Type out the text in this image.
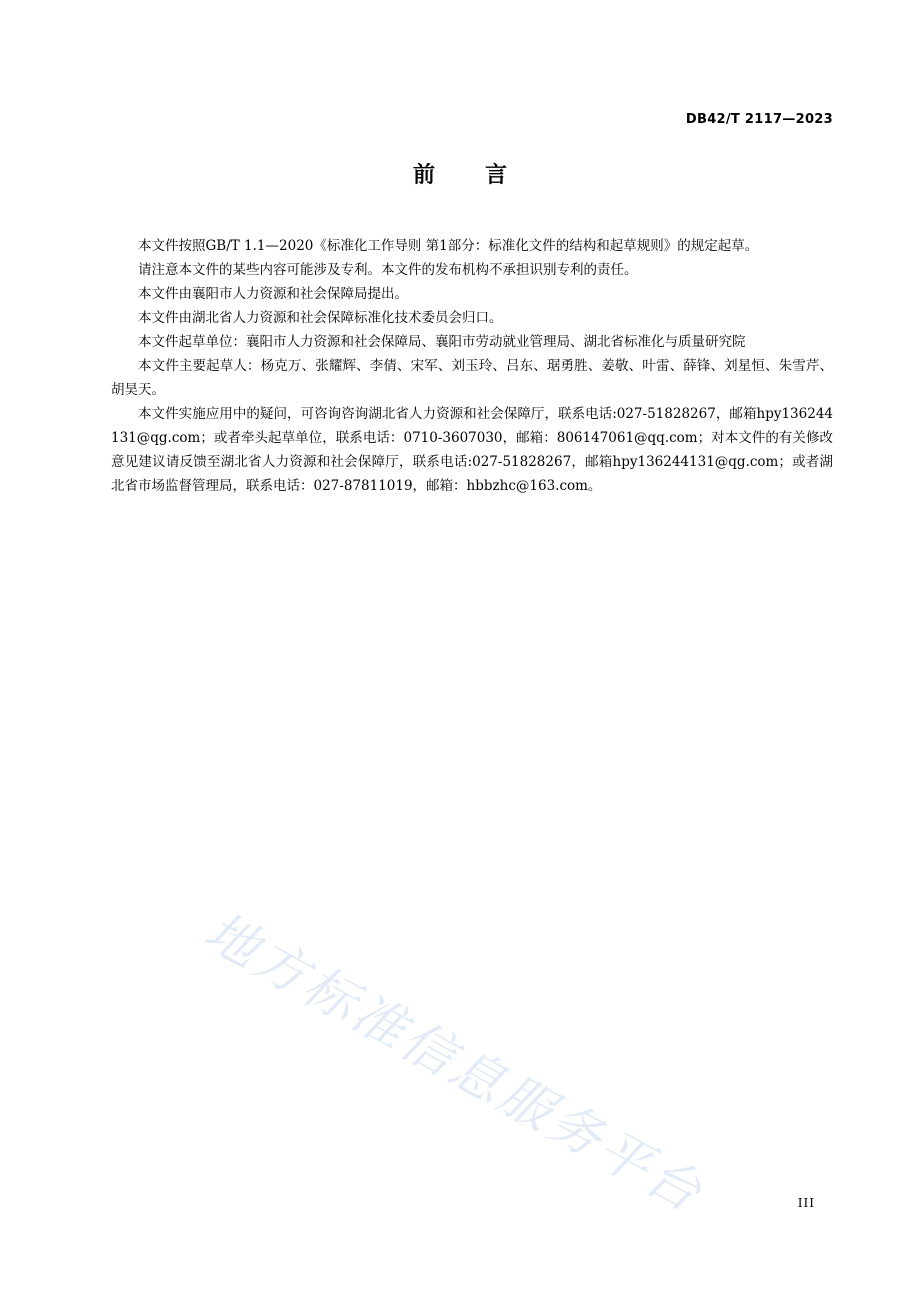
DB42/T 2117—2023
前言

本文件按照GB/T 1.1—2020《标准化工作导则 第1部分：标准化文件的结构和起草规则》的规定起草。

请注意本文件的某些内容可能涉及专利。本文件的发布机构不承担识别专利的责任。

本文件由襄阳市人力资源和社会保障局提出。

本文件由湖北省人力资源和社会保障标准化技术委员会归口。

本文件起草单位：襄阳市人力资源和社会保障局、襄阳市劳动就业管理局、湖北省标准化与质量研究院

本文件主要起草人：杨克万、张耀辉、李倩、宋军、刘玉玲、吕东、琚勇胜、姜敬、叶雷、薛锋、刘星恒、朱雪芹、胡昊天。

本文件实施应用中的疑问，可咨询咨询湖北省人力资源和社会保障厅，联系电话:027-51828267，邮箱hpy136244131@qg.com；或者牵头起草单位，联系电话：0710-3607030，邮箱：806147061@qq.com；对本文件的有关修改意见建议请反馈至湖北省人力资源和社会保障厅，联系电话:027-51828267，邮箱hpy136244131@qg.com；或者湖北省市场监督管理局，联系电话：027-87811019，邮箱：hbbzhc@163.com。

地方标准信息服务平台	III
